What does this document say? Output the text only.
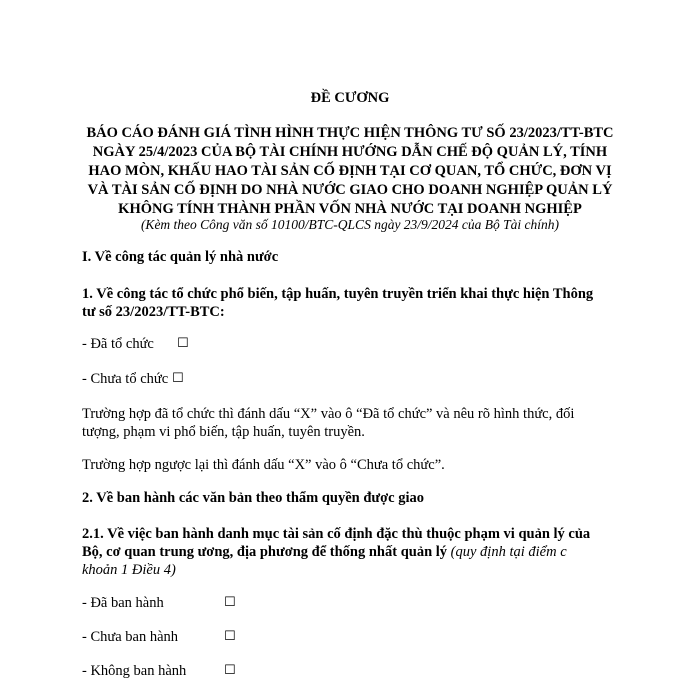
ĐỀ CƯƠNG
BÁO CÁO ĐÁNH GIÁ TÌNH HÌNH THỰC HIỆN THÔNG TƯ SỐ 23/2023/TT-BTC
NGÀY 25/4/2023 CỦA BỘ TÀI CHÍNH HƯỚNG DẪN CHẾ ĐỘ QUẢN LÝ, TÍNH
HAO MÒN, KHẤU HAO TÀI SẢN CỐ ĐỊNH TẠI CƠ QUAN, TỔ CHỨC, ĐƠN VỊ
VÀ TÀI SẢN CỐ ĐỊNH DO NHÀ NƯỚC GIAO CHO DOANH NGHIỆP QUẢN LÝ
KHÔNG TÍNH THÀNH PHẦN VỐN NHÀ NƯỚC TẠI DOANH NGHIỆP
(Kèm theo Công văn số 10100/BTC-QLCS ngày 23/9/2024 của Bộ Tài chính)
I. Về công tác quản lý nhà nước
1. Về công tác tổ chức phổ biến, tập huấn, tuyên truyền triển khai thực hiện Thông
tư số 23/2023/TT-BTC:
- Đã tổ chức ☐
- Chưa tổ chức ☐
Trường hợp đã tổ chức thì đánh dấu “X” vào ô “Đã tổ chức” và nêu rõ hình thức, đối
tượng, phạm vi phổ biến, tập huấn, tuyên truyền.
Trường hợp ngược lại thì đánh dấu “X” vào ô “Chưa tổ chức”.
2. Về ban hành các văn bản theo thẩm quyền được giao
2.1. Về việc ban hành danh mục tài sản cố định đặc thù thuộc phạm vi quản lý của
Bộ, cơ quan trung ương, địa phương để thống nhất quản lý (quy định tại điểm c
khoản 1 Điều 4)
- Đã ban hành	☐
- Chưa ban hành	☐
- Không ban hành	☐
